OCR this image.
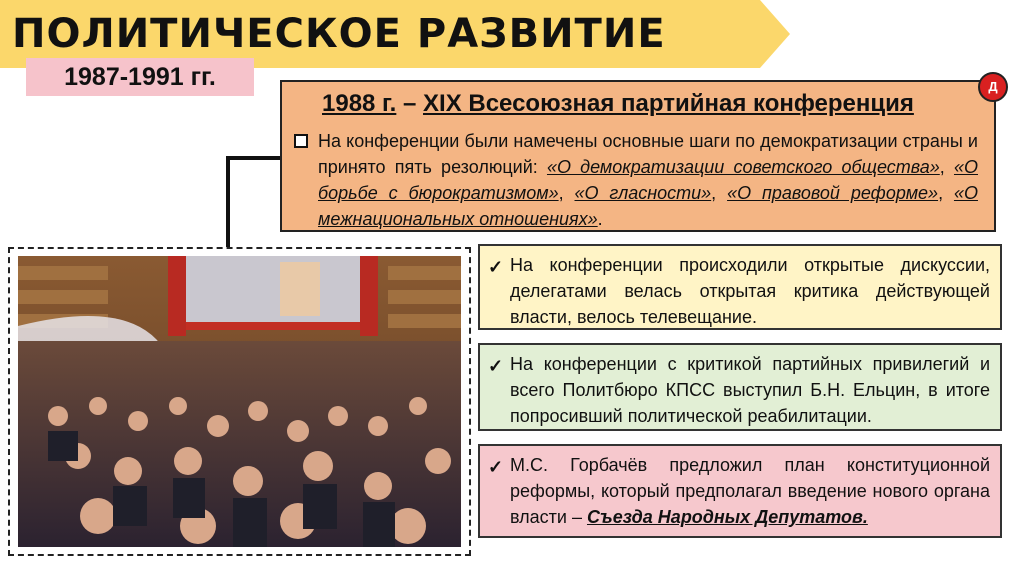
ПОЛИТИЧЕСКОЕ РАЗВИТИЕ
1987-1991 гг.
1988 г. – XIX Всесоюзная партийная конференция
На конференции были намечены основные шаги по демократизации страны и принято пять резолюций: «О демократизации советского общества», «О борьбе с бюрократизмом», «О гласности», «О правовой реформе», «О межнациональных отношениях».
Д
✓ На конференции происходили открытые дискуссии, делегатами велась открытая критика действующей власти, велось телевещание.
✓ На конференции с критикой партийных привилегий и всего Политбюро КПСС выступил Б.Н. Ельцин, в итоге попросивший политической реабилитации.
✓ М.С. Горбачёв предложил план конституционной реформы, который предполагал введение нового органа власти – Съезда Народных Депутатов.
